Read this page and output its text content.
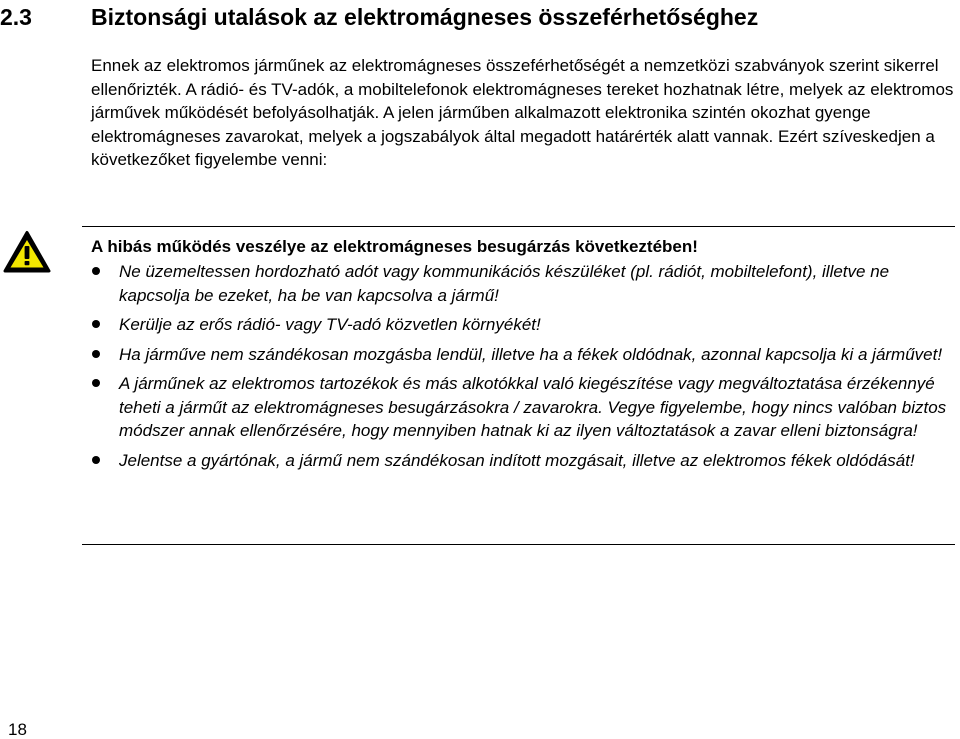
2.3	Biztonsági utalások az elektromágneses összeférhetőséghez

Ennek az elektromos járműnek az elektromágneses összeférhetőségét a nemzetközi szabványok szerint sikerrel ellenőrizték. A rádió- és TV-adók, a mobiltelefonok elektromágneses tereket hozhatnak létre, melyek az elektromos járművek működését befolyásolhatják. A jelen járműben alkalmazott elektronika szintén okozhat gyenge elektromágneses zavarokat, melyek a jogszabályok által megadott határérték alatt vannak. Ezért szíveskedjen a következőket figyelembe venni:

A hibás működés veszélye az elektromágneses besugárzás következtében!
Ne üzemeltessen hordozható adót vagy kommunikációs készüléket (pl. rádiót, mobiltelefont), illetve ne kapcsolja be ezeket, ha be van kapcsolva a jármű!
Kerülje az erős rádió- vagy TV-adó közvetlen környékét!
Ha járműve nem szándékosan mozgásba lendül, illetve ha a fékek oldódnak, azonnal kapcsolja ki a járművet!
A járműnek az elektromos tartozékok és más alkotókkal való kiegészítése vagy megváltoztatása érzékennyé teheti a járműt az elektromágneses besugárzásokra / zavarokra. Vegye figyelembe, hogy nincs valóban biztos módszer annak ellenőrzésére, hogy mennyiben hatnak ki az ilyen változtatások a zavar elleni biztonságra!
Jelentse a gyártónak, a jármű nem szándékosan indított mozgásait, illetve az elektromos fékek oldódását!
18
